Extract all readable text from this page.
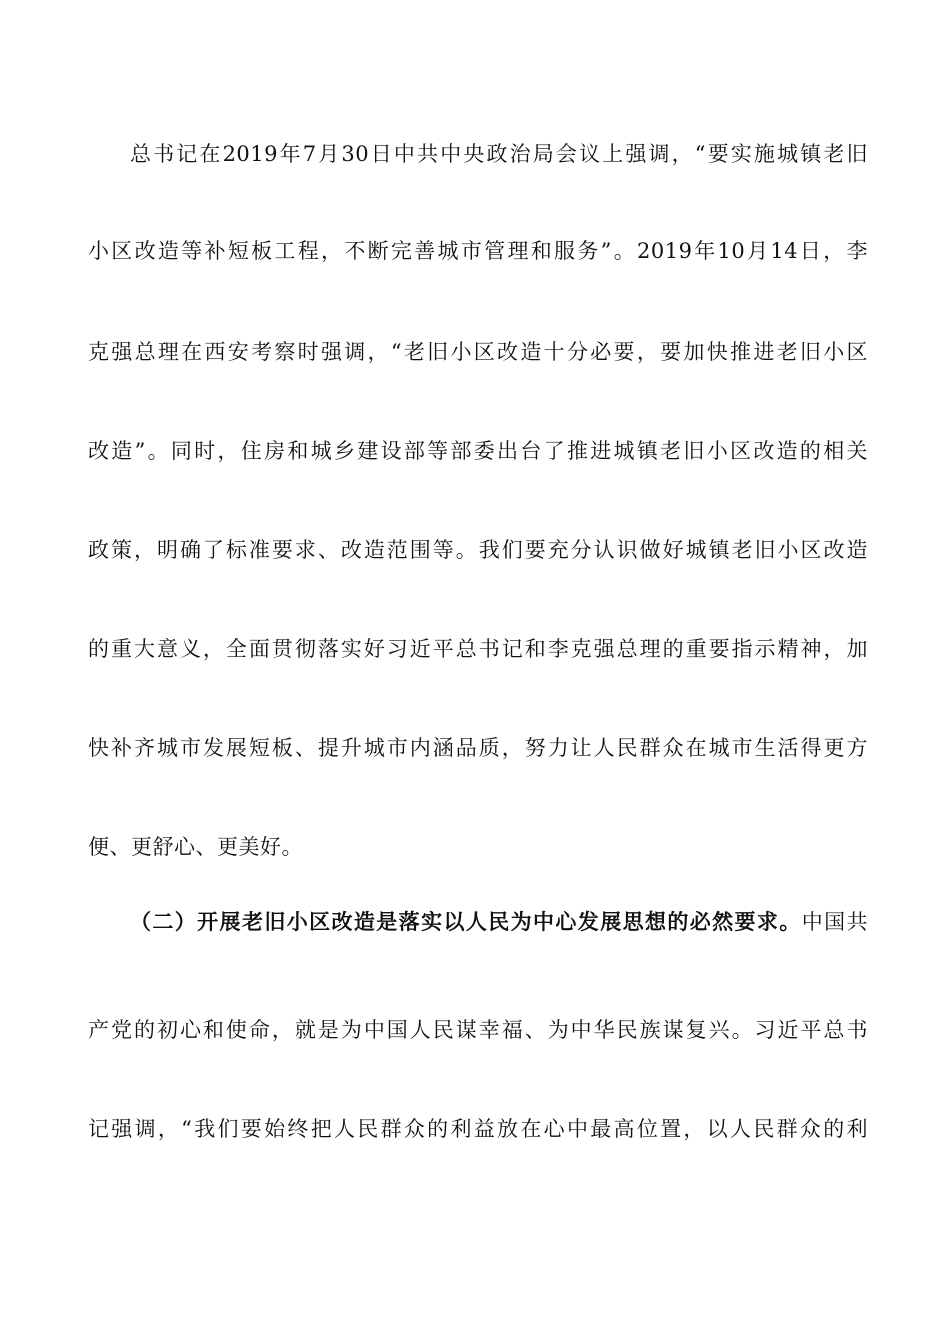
总书记在2019年7月30日中共中央政治局会议上强调，“要实施城镇老旧
小区改造等补短板工程，不断完善城市管理和服务”。2019年10月14日，李
克强总理在西安考察时强调，“老旧小区改造十分必要，要加快推进老旧小区
改造”。同时，住房和城乡建设部等部委出台了推进城镇老旧小区改造的相关
政策，明确了标准要求、改造范围等。我们要充分认识做好城镇老旧小区改造
的重大意义，全面贯彻落实好习近平总书记和李克强总理的重要指示精神，加
快补齐城市发展短板、提升城市内涵品质，努力让人民群众在城市生活得更方
便、更舒心、更美好。
（二）开展老旧小区改造是落实以人民为中心发展思想的必然要求。中国共
产党的初心和使命，就是为中国人民谋幸福、为中华民族谋复兴。习近平总书
记强调，“我们要始终把人民群众的利益放在心中最高位置，以人民群众的利
